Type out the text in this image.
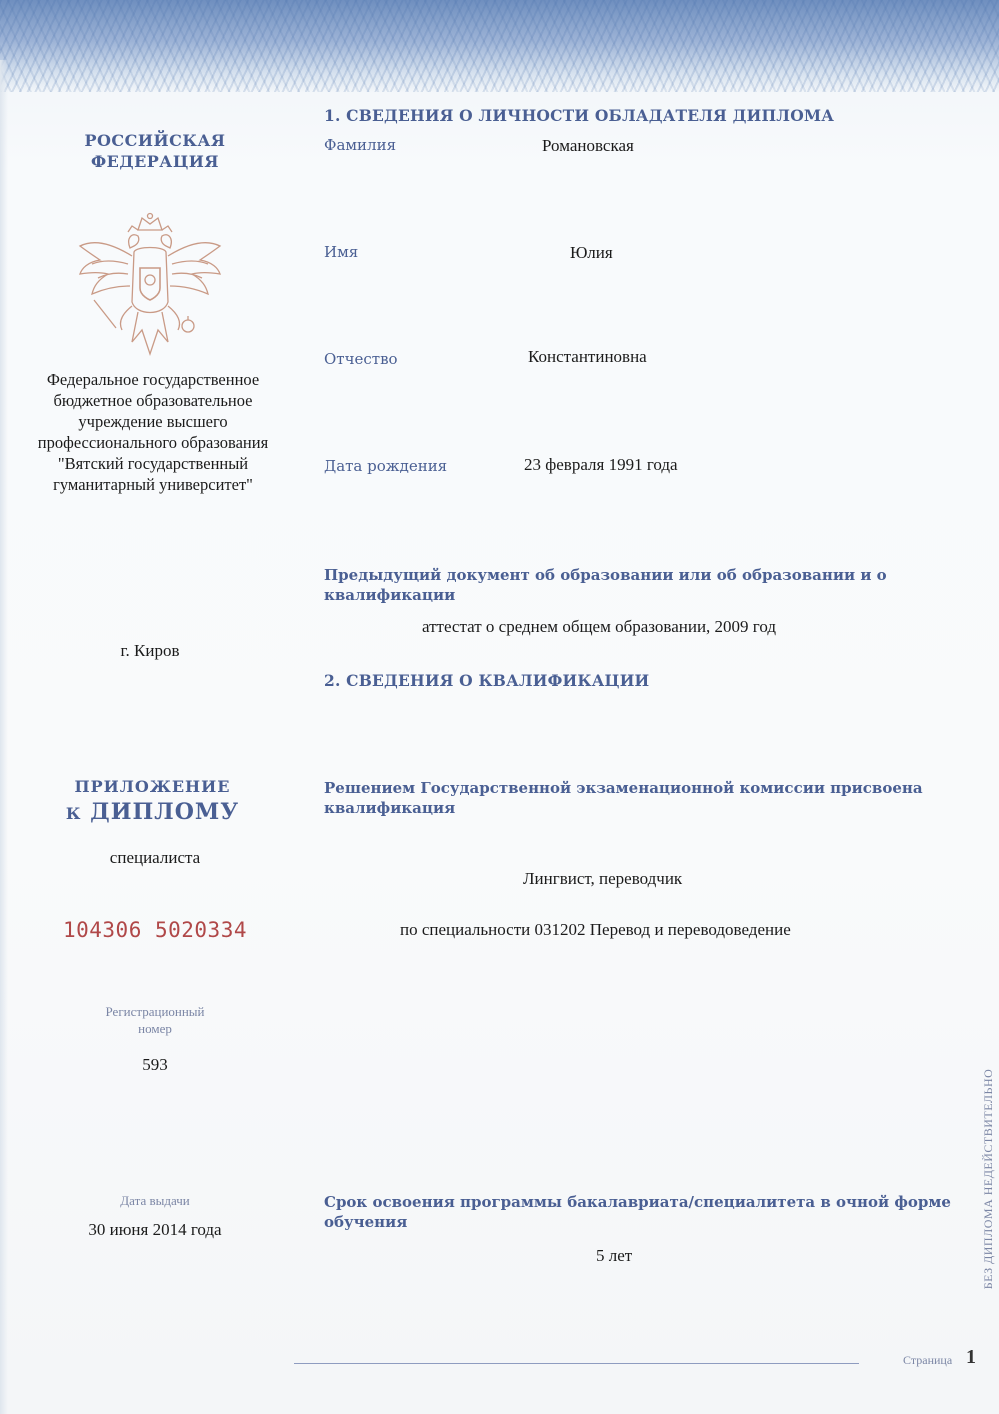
РОССИЙСКАЯ
ФЕДЕРАЦИЯ
Федеральное государственное
бюджетное образовательное
учреждение высшего
профессионального образования
"Вятский государственный
гуманитарный университет"
г. Киров
ПРИЛОЖЕНИЕ
К ДИПЛОМУ
специалиста
104306 5020334
Регистрационный
номер
593
Дата выдачи
30 июня 2014 года
1. СВЕДЕНИЯ О ЛИЧНОСТИ ОБЛАДАТЕЛЯ ДИПЛОМА
Фамилия	Романовская
Имя	Юлия
Отчество	Константиновна
Дата рождения	23 февраля 1991 года
Предыдущий документ об образовании или об образовании и о квалификации
аттестат о среднем общем образовании, 2009 год
2. СВЕДЕНИЯ О КВАЛИФИКАЦИИ
Решением Государственной экзаменационной комиссии присвоена
квалификация
Лингвист, переводчик
по специальности 031202 Перевод и переводоведение
Срок освоения программы бакалавриата/специалитета в очной форме
обучения
5 лет
Страница 1
БЕЗ ДИПЛОМА НЕДЕЙСТВИТЕЛЬНО
